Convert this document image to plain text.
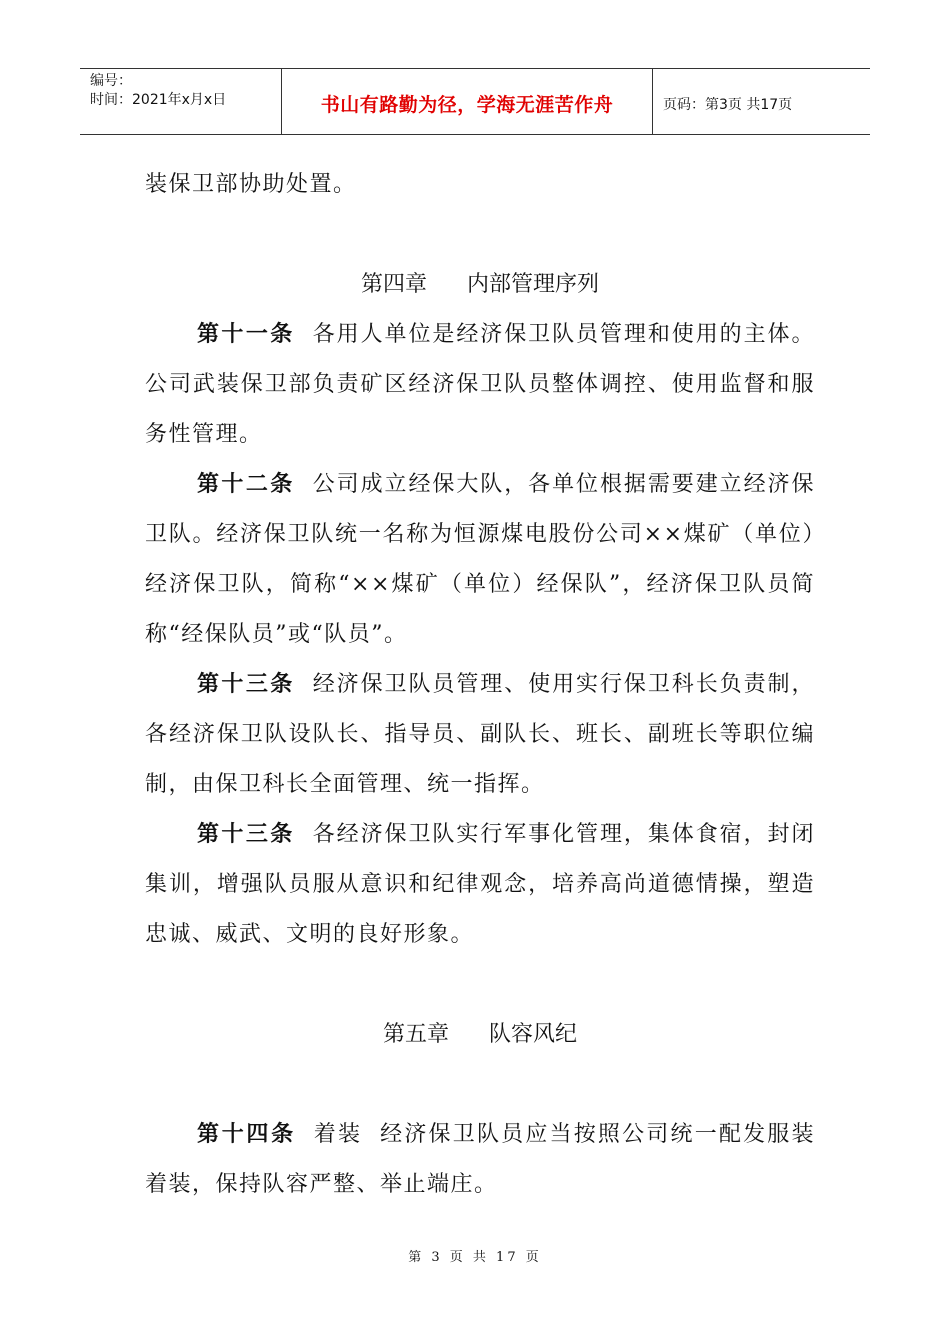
编号：
时间：2021年x月x日	书山有路勤为径，学海无涯苦作舟	页码：第3页 共17页

装保卫部协助处置。

第四章 内部管理序列

第十一条 各用人单位是经济保卫队员管理和使用的主体。公司武装保卫部负责矿区经济保卫队员整体调控、使用监督和服务性管理。

第十二条 公司成立经保大队，各单位根据需要建立经济保卫队。经济保卫队统一名称为恒源煤电股份公司××煤矿（单位）经济保卫队，简称“××煤矿（单位）经保队”，经济保卫队员简称“经保队员”或“队员”。

第十三条 经济保卫队员管理、使用实行保卫科长负责制，各经济保卫队设队长、指导员、副队长、班长、副班长等职位编制，由保卫科长全面管理、统一指挥。

第十三条 各经济保卫队实行军事化管理，集体食宿，封闭集训，增强队员服从意识和纪律观念，培养高尚道德情操，塑造忠诚、威武、文明的良好形象。

第五章 队容风纪

第十四条 着装 经济保卫队员应当按照公司统一配发服装着装，保持队容严整、举止端庄。

第 3 页 共 17 页
